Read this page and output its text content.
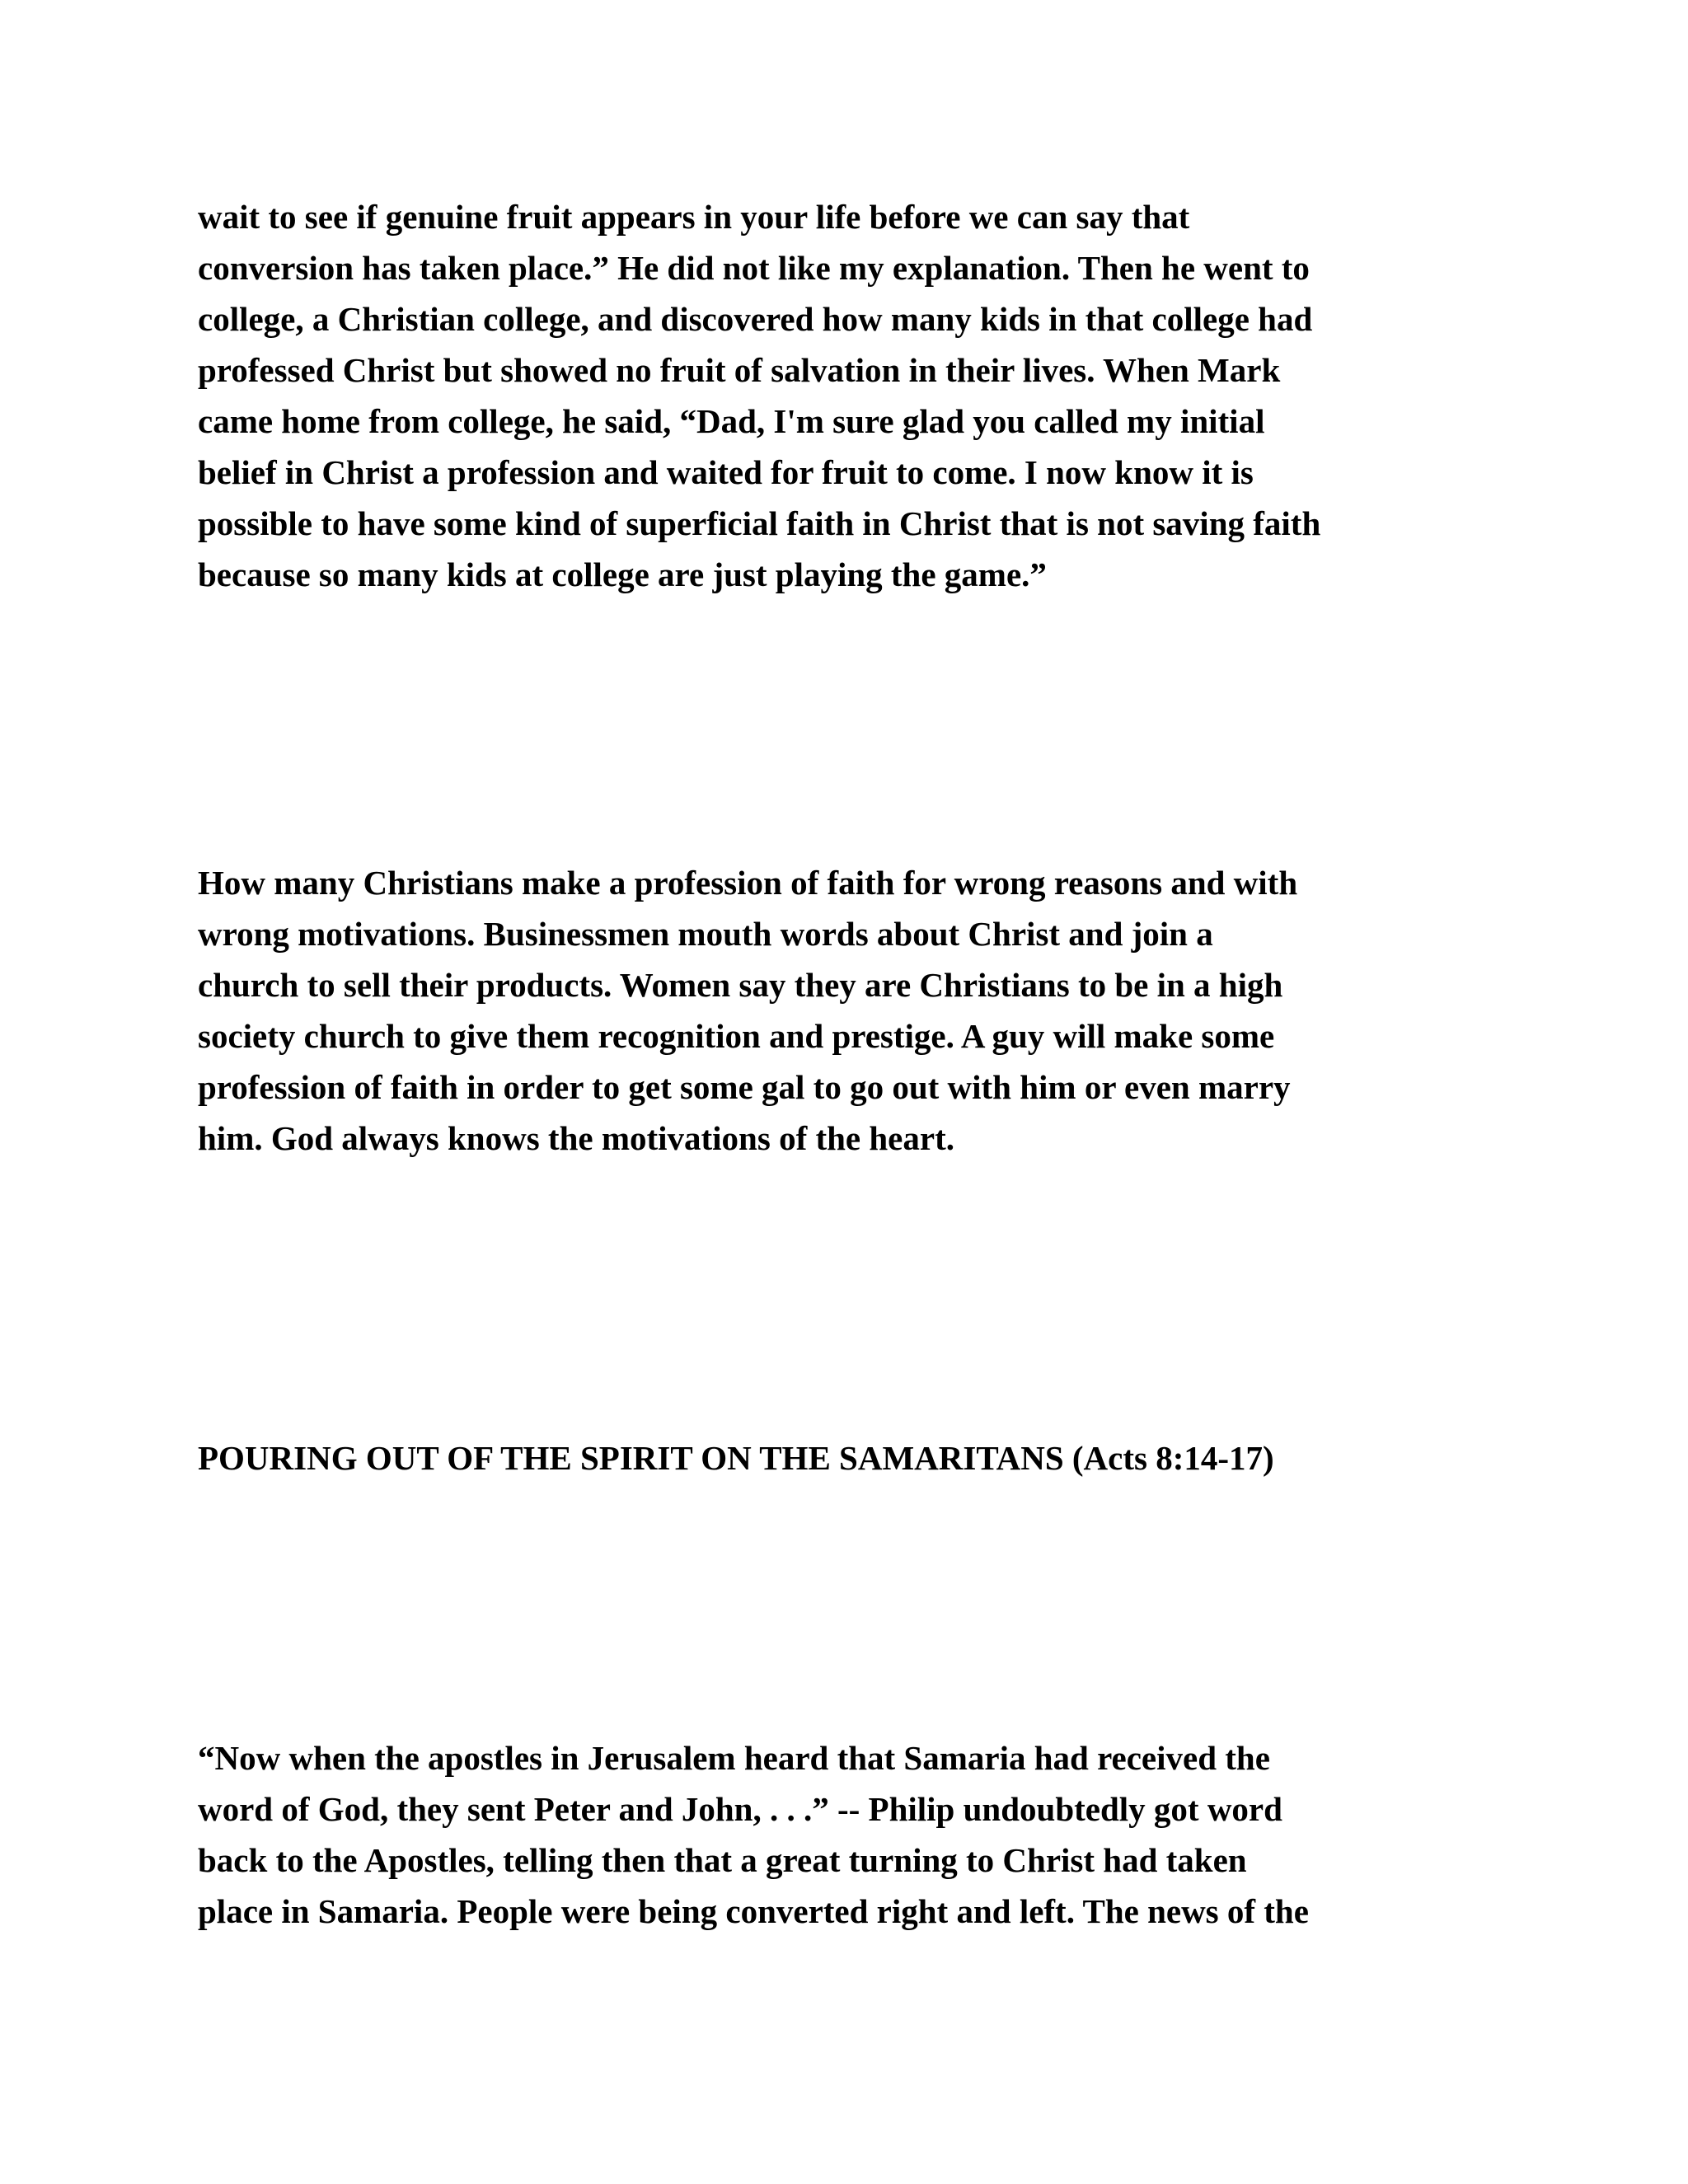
wait to see if genuine fruit appears in your life before we can say that
conversion has taken place.” He did not like my explanation. Then he went to
college, a Christian college, and discovered how many kids in that college had
professed Christ but showed no fruit of salvation in their lives. When Mark
came home from college, he said, “Dad, I'm sure glad you called my initial
belief in Christ a profession and waited for fruit to come. I now know it is
possible to have some kind of superficial faith in Christ that is not saving faith
because so many kids at college are just playing the game.”
How many Christians make a profession of faith for wrong reasons and with
wrong motivations. Businessmen mouth words about Christ and join a
church to sell their products. Women say they are Christians to be in a high
society church to give them recognition and prestige. A guy will make some
profession of faith in order to get some gal to go out with him or even marry
him. God always knows the motivations of the heart.
POURING OUT OF THE SPIRIT ON THE SAMARITANS (Acts 8:14-17)
“Now when the apostles in Jerusalem heard that Samaria had received the
word of God, they sent Peter and John, . . .” -- Philip undoubtedly got word
back to the Apostles, telling then that a great turning to Christ had taken
place in Samaria. People were being converted right and left. The news of the
